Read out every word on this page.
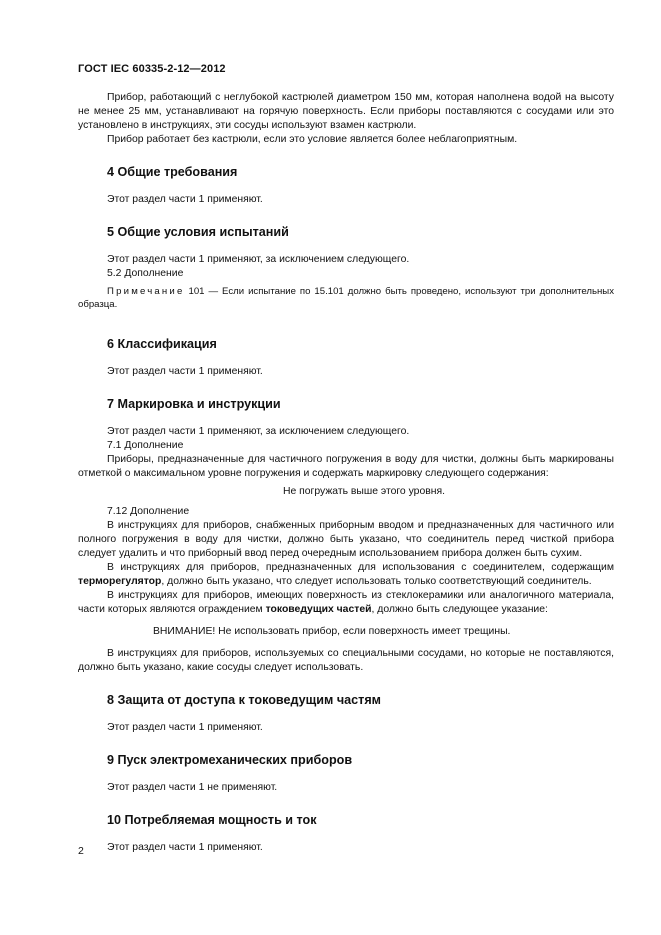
ГОСТ IEC 60335-2-12—2012

Прибор, работающий с неглубокой кастрюлей диаметром 150 мм, которая наполнена водой на высоту не менее 25 мм, устанавливают на горячую поверхность. Если приборы поставляются с сосудами или это установлено в инструкциях, эти сосуды используют взамен кастрюли.

Прибор работает без кастрюли, если это условие является более неблагоприятным.

4 Общие требования

Этот раздел части 1 применяют.

5 Общие условия испытаний

Этот раздел части 1 применяют, за исключением следующего.

5.2 Дополнение

Примечание 101 — Если испытание по 15.101 должно быть проведено, используют три дополнительных образца.

6 Классификация

Этот раздел части 1 применяют.

7 Маркировка и инструкции

Этот раздел части 1 применяют, за исключением следующего.

7.1 Дополнение

Приборы, предназначенные для частичного погружения в воду для чистки, должны быть маркированы отметкой о максимальном уровне погружения и содержать маркировку следующего содержания:

Не погружать выше этого уровня.

7.12 Дополнение

В инструкциях для приборов, снабженных приборным вводом и предназначенных для частичного или полного погружения в воду для чистки, должно быть указано, что соединитель перед чисткой прибора следует удалить и что приборный ввод перед очередным использованием прибора должен быть сухим.

В инструкциях для приборов, предназначенных для использования с соединителем, содержащим терморегулятор, должно быть указано, что следует использовать только соответствующий соединитель.

В инструкциях для приборов, имеющих поверхность из стеклокерамики или аналогичного материала, части которых являются ограждением токоведущих частей, должно быть следующее указание:

ВНИМАНИЕ! Не использовать прибор, если поверхность имеет трещины.

В инструкциях для приборов, используемых со специальными сосудами, но которые не поставляются, должно быть указано, какие сосуды следует использовать.

8 Защита от доступа к токоведущим частям

Этот раздел части 1 применяют.

9 Пуск электромеханических приборов

Этот раздел части 1 не применяют.

10 Потребляемая мощность и ток

Этот раздел части 1 применяют.

2
